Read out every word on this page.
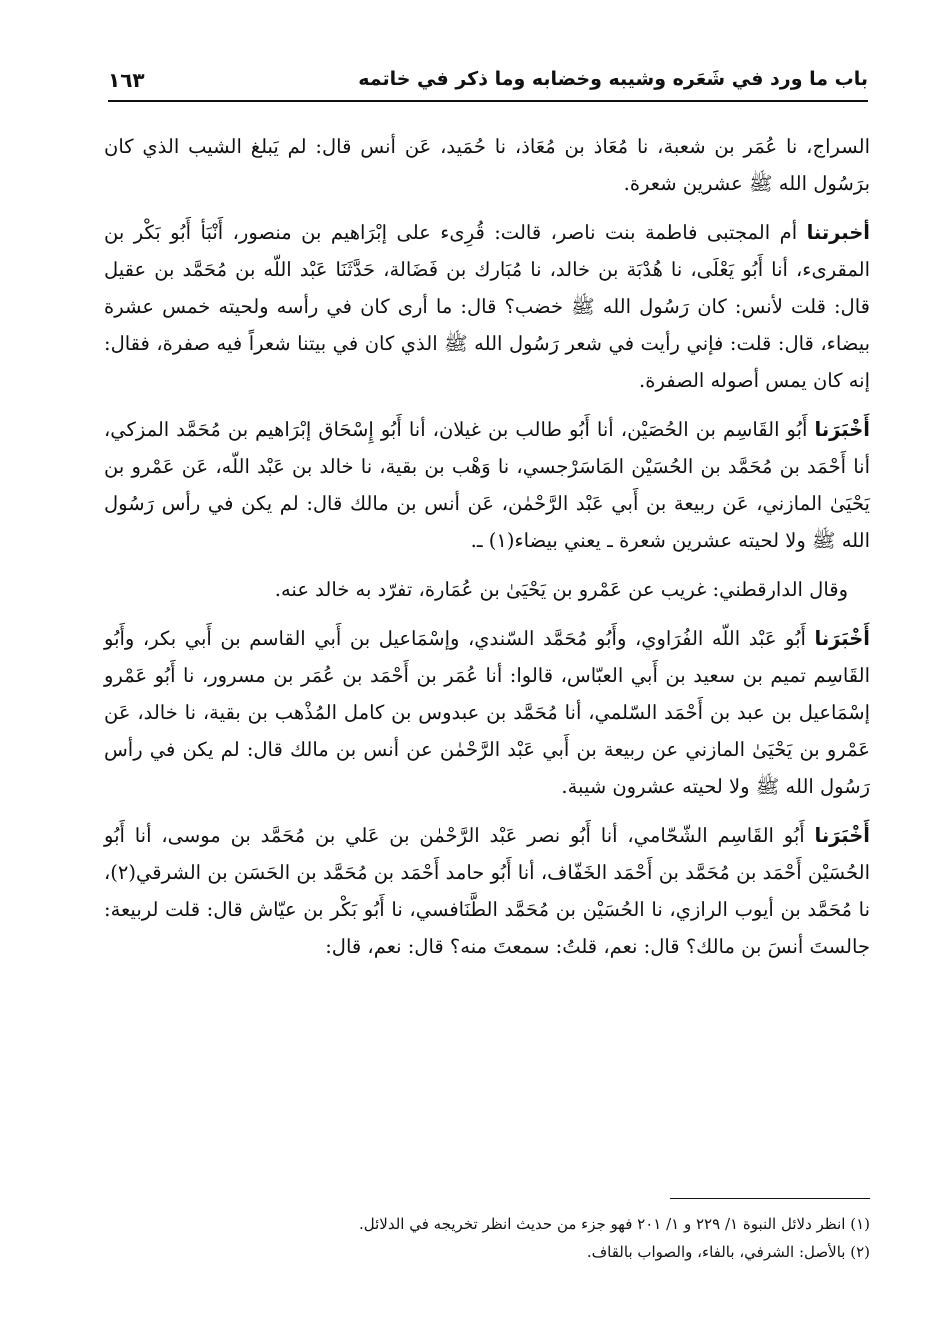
باب ما ورد في شَعَره وشيبه وخضابه وما ذكر في خاتمه
١٦٣

السراج، نا عُمَر بن شعبة، نا مُعَاذ بن مُعَاذ، نا حُمَيد، عَن أنس قال: لم يَبلغ الشيب الذي كان برَسُول الله ﷺ عشرين شعرة.

أخبرتنا أم المجتبى فاطمة بنت ناصر، قالت: قُرِىء على إبْرَاهيم بن منصور، أَنْبَأ أَبُو بَكْر بن المقرىء، أنا أَبُو يَعْلَى، نا هُدْبَة بن خالد، نا مُبَارك بن فَضَالة، حَدَّثَنَا عَبْد اللّه بن مُحَمَّد بن عقيل قال: قلت لأنس: كان رَسُول الله ﷺ خضب؟ قال: ما أرى كان في رأسه ولحيته خمس عشرة بيضاء، قال: قلت: فإني رأيت في شعر رَسُول الله ﷺ الذي كان في بيتنا شعراً فيه صفرة، فقال: إنه كان يمس أصوله الصفرة.

أَخْبَرَنا أَبُو القَاسِم بن الحُصَيْن، أنا أَبُو طالب بن غيلان، أنا أَبُو إِسْحَاق إبْرَاهيم بن مُحَمَّد المزكي، أنا أَحْمَد بن مُحَمَّد بن الحُسَيْن المَاسَرْجسي، نا وَهْب بن بقية، نا خالد بن عَبْد اللّه، عَن عَمْرو بن يَحْيَىٰ المازني، عَن ربيعة بن أَبي عَبْد الرَّحْمٰن، عَن أنس بن مالك قال: لم يكن في رأس رَسُول الله ﷺ ولا لحيته عشرين شعرة ـ يعني بيضاء(١) ـ.

وقال الدارقطني: غريب عن عَمْرو بن يَحْيَىٰ بن عُمَارة، تفرّد به خالد عنه.

أَخْبَرَنا أَبُو عَبْد اللّه الفُرَاوي، وأَبُو مُحَمَّد السّندي، وإسْمَاعيل بن أَبي القاسم بن أَبي بكر، وأَبُو القَاسِم تميم بن سعيد بن أَبي العبّاس، قالوا: أنا عُمَر بن أَحْمَد بن عُمَر بن مسرور، نا أَبُو عَمْرو إسْمَاعيل بن عبد بن أَحْمَد السّلمي، أنا مُحَمَّد بن عبدوس بن كامل المُذْهب بن بقية، نا خالد، عَن عَمْرو بن يَحْيَىٰ المازني عن ربيعة بن أَبي عَبْد الرَّحْمٰن عن أنس بن مالك قال: لم يكن في رأس رَسُول الله ﷺ ولا لحيته عشرون شيبة.

أَخْبَرَنا أَبُو القَاسِم الشّحّامي، أنا أَبُو نصر عَبْد الرَّحْمٰن بن عَلي بن مُحَمَّد بن موسى، أنا أَبُو الحُسَيْن أَحْمَد بن مُحَمَّد بن أَحْمَد الخَفّاف، أنا أَبُو حامد أَحْمَد بن مُحَمَّد بن الحَسَن بن الشرقي(٢)، نا مُحَمَّد بن أيوب الرازي، نا الحُسَيْن بن مُحَمَّد الطَّنَافسي، نا أَبُو بَكْر بن عيّاش قال: قلت لربيعة: جالستَ أنسَ بن مالك؟ قال: نعم، قلتُ: سمعتَ منه؟ قال: نعم، قال:

(١) انظر دلائل النبوة ١/ ٢٢٩ و ١/ ٢٠١ فهو جزء من حديث انظر تخريجه في الدلائل.
(٢) بالأصل: الشرفي، بالفاء، والصواب بالقاف.
